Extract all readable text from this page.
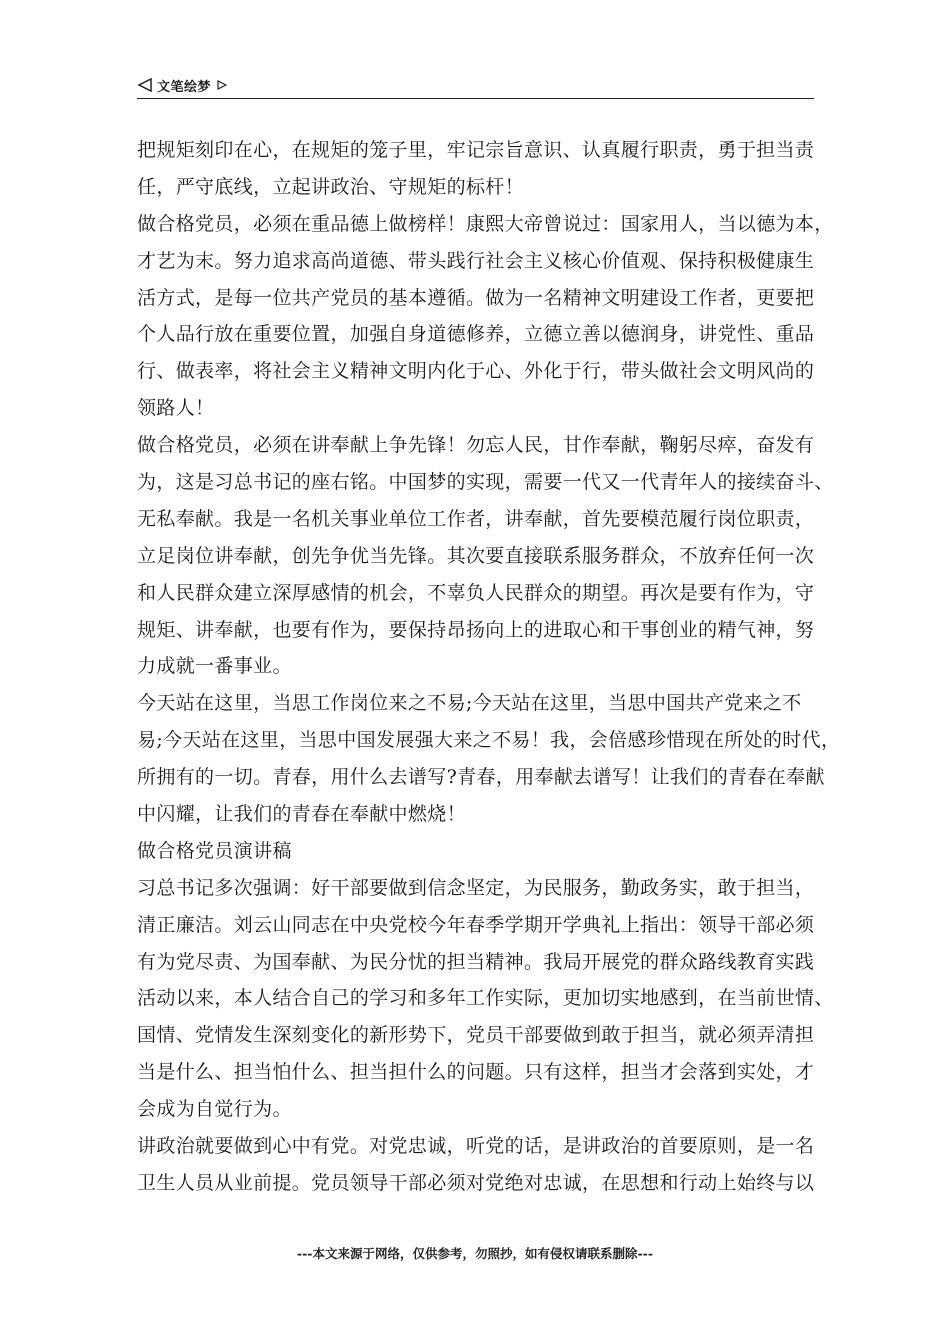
文笔绘梦
把规矩刻印在心，在规矩的笼子里，牢记宗旨意识、认真履行职责，勇于担当责
任，严守底线，立起讲政治、守规矩的标杆！
做合格党员，必须在重品德上做榜样！康熙大帝曾说过：国家用人，当以德为本，
才艺为末。努力追求高尚道德、带头践行社会主义核心价值观、保持积极健康生
活方式，是每一位共产党员的基本遵循。做为一名精神文明建设工作者，更要把
个人品行放在重要位置，加强自身道德修养，立德立善以德润身，讲党性、重品
行、做表率，将社会主义精神文明内化于心、外化于行，带头做社会文明风尚的
领路人！
做合格党员，必须在讲奉献上争先锋！勿忘人民，甘作奉献，鞠躬尽瘁，奋发有
为，这是习总书记的座右铭。中国梦的实现，需要一代又一代青年人的接续奋斗、
无私奉献。我是一名机关事业单位工作者，讲奉献，首先要模范履行岗位职责，
立足岗位讲奉献，创先争优当先锋。其次要直接联系服务群众，不放弃任何一次
和人民群众建立深厚感情的机会，不辜负人民群众的期望。再次是要有作为，守
规矩、讲奉献，也要有作为，要保持昂扬向上的进取心和干事创业的精气神，努
力成就一番事业。
今天站在这里，当思工作岗位来之不易;今天站在这里，当思中国共产党来之不
易;今天站在这里，当思中国发展强大来之不易！我，会倍感珍惜现在所处的时代，
所拥有的一切。青春，用什么去谱写?青春，用奉献去谱写！让我们的青春在奉献
中闪耀，让我们的青春在奉献中燃烧！
做合格党员演讲稿
习总书记多次强调：好干部要做到信念坚定，为民服务，勤政务实，敢于担当，
清正廉洁。刘云山同志在中央党校今年春季学期开学典礼上指出：领导干部必须
有为党尽责、为国奉献、为民分忧的担当精神。我局开展党的群众路线教育实践
活动以来，本人结合自己的学习和多年工作实际，更加切实地感到，在当前世情、
国情、党情发生深刻变化的新形势下，党员干部要做到敢于担当，就必须弄清担
当是什么、担当怕什么、担当担什么的问题。只有这样，担当才会落到实处，才
会成为自觉行为。
讲政治就要做到心中有党。对党忠诚，听党的话，是讲政治的首要原则，是一名
卫生人员从业前提。党员领导干部必须对党绝对忠诚，在思想和行动上始终与以
---本文来源于网络，仅供参考，勿照抄，如有侵权请联系删除---
